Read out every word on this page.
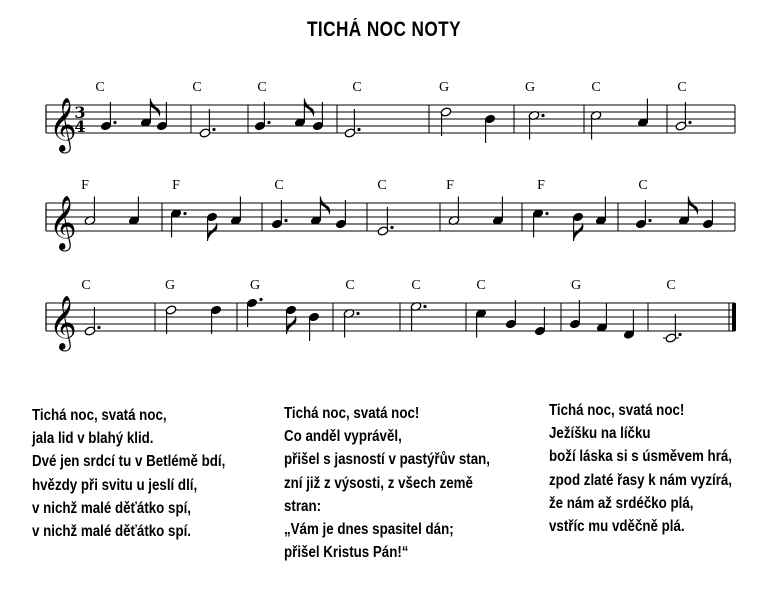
TICHÁ NOC NOTY
𝄞
3
4
C	C	C	C	G	G	C	C
𝄞
F	F	C	C	F	F	C
𝄞
C	G	G	C	C	C	G	C
Tichá noc, svatá noc,
jala lid v blahý klid.
Dvé jen srdcí tu v Betlémě bdí,
hvězdy při svitu u jeslí dlí,
v nichž malé děťátko spí,
v nichž malé děťátko spí.
Tichá noc, svatá noc!
Co anděl vyprávěl,
přišel s jasností v pastýřův stan,
zní již z výsosti, z všech země
stran:
„Vám je dnes spasitel dán;
přišel Kristus Pán!“
Tichá noc, svatá noc!
Ježíšku na líčku
boží láska si s úsměvem hrá,
zpod zlaté řasy k nám vyzírá,
že nám až srdéčko plá,
vstříc mu vděčně plá.
